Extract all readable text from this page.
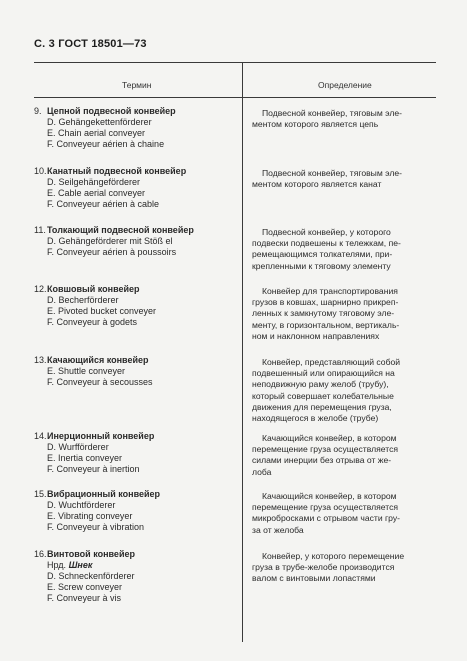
С. 3 ГОСТ 18501—73
Термин	Определение
9. Цепной подвесной конвейер
D. Gehängekettenförderer
E. Chain aerial conveyer
F. Conveyeur aérien à chaine
Подвесной конвейер, тяговым эле-
ментом которого является цепь
10.Канатный подвесной конвейер
D. Seilgehängeförderer
E. Cable aerial conveyer
F. Conveyeur aérien à cable
Подвесной конвейер, тяговым эле-
ментом которого является канат
11.Толкающий подвесной конвейер
D. Gehängeförderer mit Stöß el
F. Conveyeur aérien à poussoirs
Подвесной конвейер, у которого
подвески подвешены к тележкам, пе-
ремещающимся толкателями, при-
крепленными к тяговому элементу
12.Ковшовый конвейер
D. Becherförderer
E. Pivoted bucket conveyer
F. Conveyeur à godets
Конвейер для транспортирования
грузов в ковшах, шарнирно прикреп-
ленных к замкнутому тяговому эле-
менту, в горизонтальном, вертикаль-
ном и наклонном направлениях
13.Качающийся конвейер
E. Shuttle conveyer
F. Conveyeur à secousses
Конвейер, представляющий собой
подвешенный или опирающийся на
неподвижную раму желоб (трубу),
который совершает колебательные
движения для перемещения груза,
находящегося в желобе (трубе)
14.Инерционный конвейер
D. Wurfförderer
E. Inertia conveyer
F. Conveyeur à inertion
Качающийся конвейер, в котором
перемещение груза осуществляется
силами инерции без отрыва от же-
лоба
15.Вибрационный конвейер
D. Wuchtförderer
E. Vibrating conveyer
F. Conveyeur à vibration
Качающийся конвейер, в котором
перемещение груза осуществляется
микробросками с отрывом части гру-
за от желоба
16.Винтовой конвейер
Нрд. Шнек
D. Schneckenförderer
E. Screw conveyer
F. Conveyeur à vis
Конвейер, у которого перемещение
груза в трубе-желобе производится
валом с винтовыми лопастями
